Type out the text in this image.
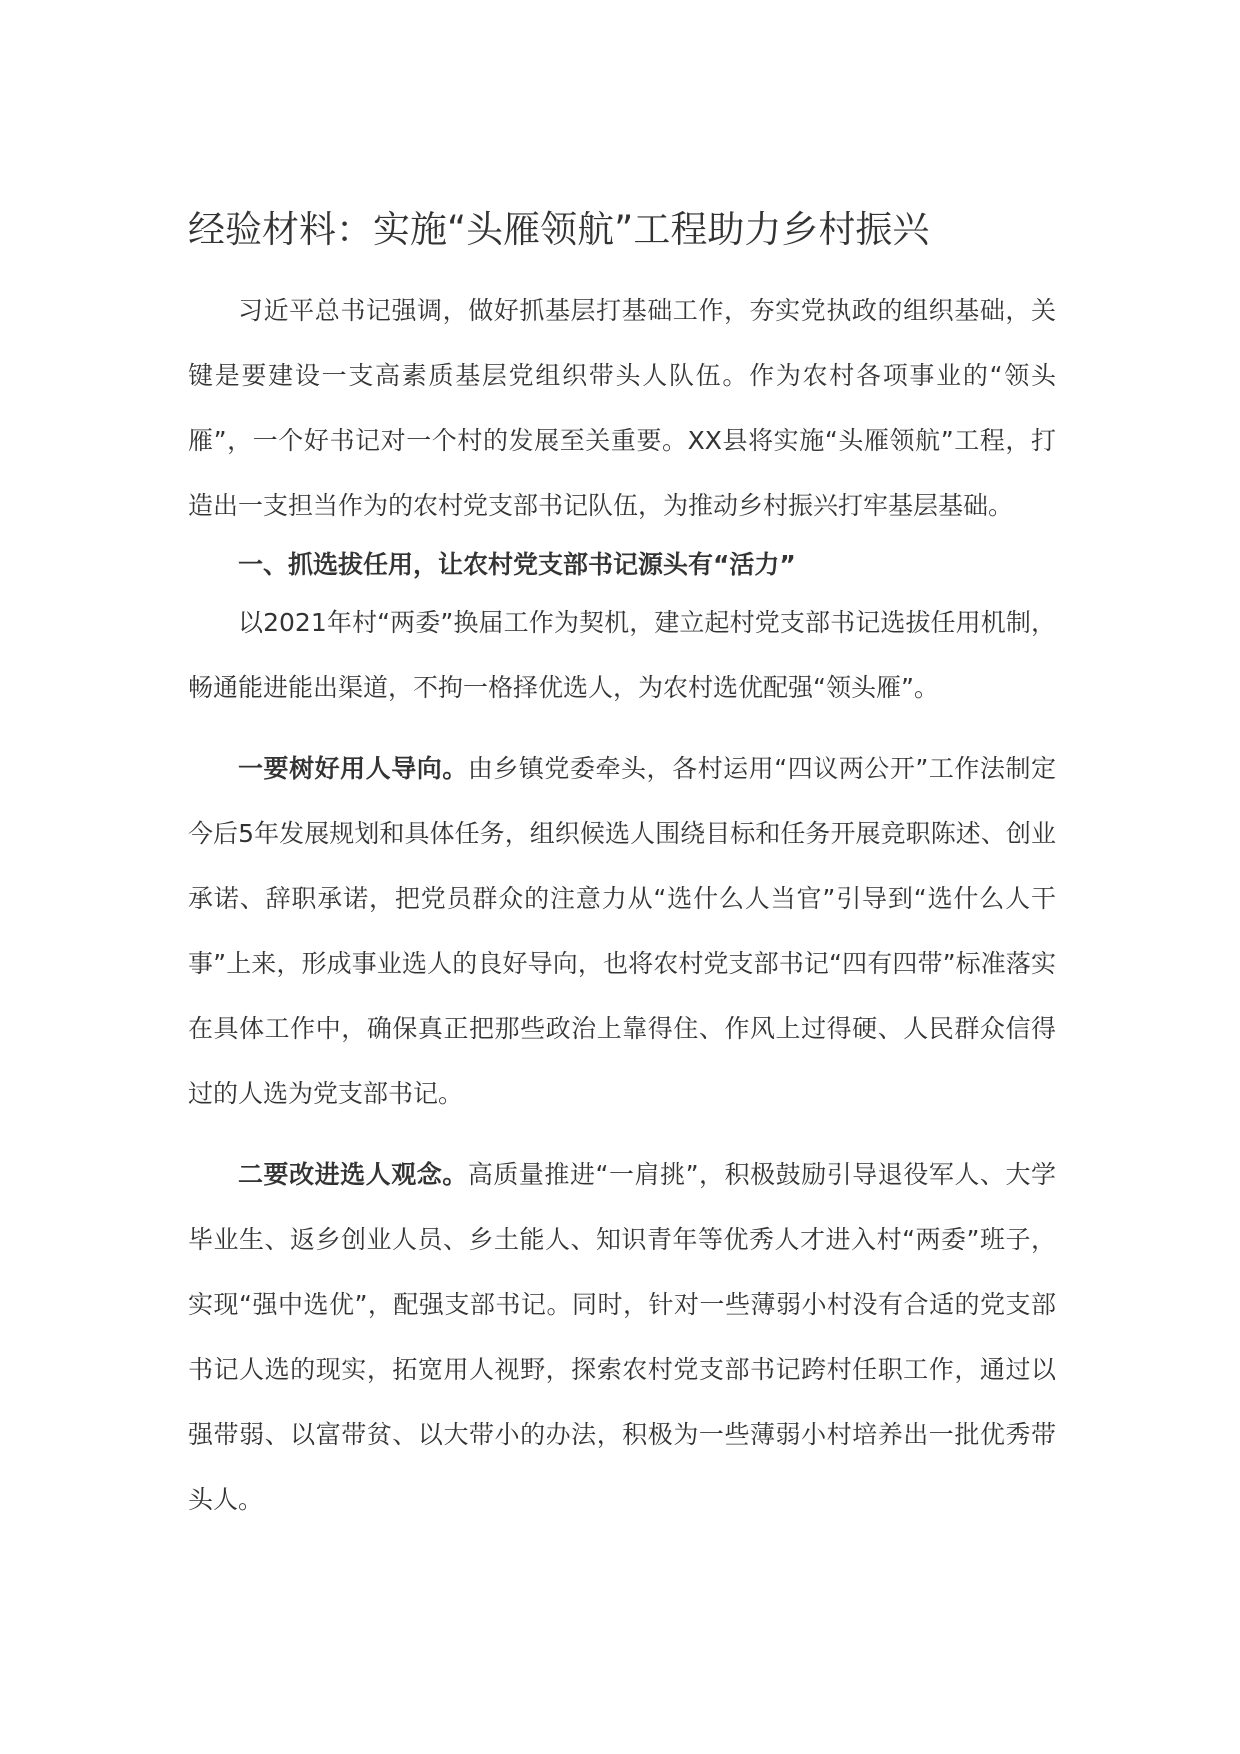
经验材料：实施“头雁领航”工程助力乡村振兴

习近平总书记强调，做好抓基层打基础工作，夯实党执政的组织基础，关键是要建设一支高素质基层党组织带头人队伍。作为农村各项事业的“领头雁”，一个好书记对一个村的发展至关重要。XX县将实施“头雁领航”工程，打造出一支担当作为的农村党支部书记队伍，为推动乡村振兴打牢基层基础。

一、抓选拔任用，让农村党支部书记源头有“活力”

以2021年村“两委”换届工作为契机，建立起村党支部书记选拔任用机制，畅通能进能出渠道，不拘一格择优选人，为农村选优配强“领头雁”。

一要树好用人导向。由乡镇党委牵头，各村运用“四议两公开”工作法制定今后5年发展规划和具体任务，组织候选人围绕目标和任务开展竞职陈述、创业承诺、辞职承诺，把党员群众的注意力从“选什么人当官”引导到“选什么人干事”上来，形成事业选人的良好导向，也将农村党支部书记“四有四带”标准落实在具体工作中，确保真正把那些政治上靠得住、作风上过得硬、人民群众信得过的人选为党支部书记。

二要改进选人观念。高质量推进“一肩挑”，积极鼓励引导退役军人、大学毕业生、返乡创业人员、乡土能人、知识青年等优秀人才进入村“两委”班子，实现“强中选优”，配强支部书记。同时，针对一些薄弱小村没有合适的党支部书记人选的现实，拓宽用人视野，探索农村党支部书记跨村任职工作，通过以强带弱、以富带贫、以大带小的办法，积极为一些薄弱小村培养出一批优秀带头人。
